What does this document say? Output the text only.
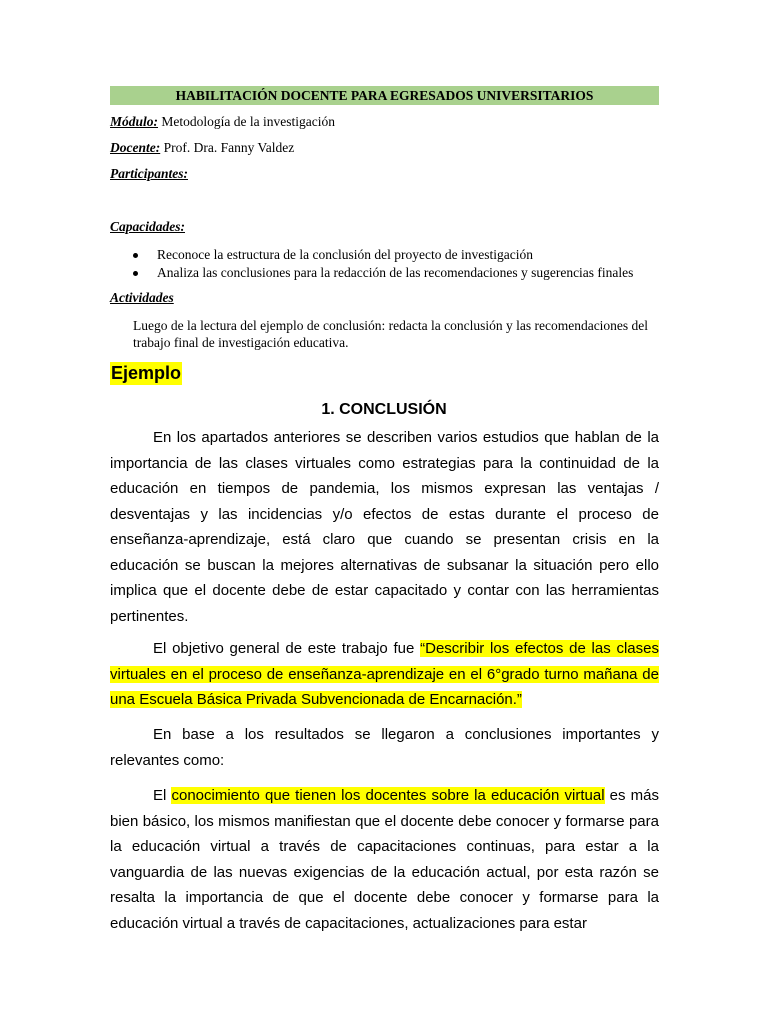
HABILITACIÓN DOCENTE PARA EGRESADOS UNIVERSITARIOS
Módulo: Metodología de la investigación
Docente: Prof. Dra. Fanny Valdez
Participantes:
Capacidades:
Reconoce la estructura de la conclusión del proyecto de investigación
Analiza las conclusiones para la redacción de las recomendaciones y sugerencias finales
Actividades
Luego de la lectura del ejemplo de conclusión: redacta la conclusión y las recomendaciones del trabajo final de investigación educativa.
Ejemplo
1. CONCLUSIÓN
En los apartados anteriores se describen varios estudios que hablan de la importancia de las clases virtuales como estrategias para la continuidad de la educación en tiempos de pandemia, los mismos expresan las ventajas / desventajas y las incidencias y/o efectos de estas durante el proceso de enseñanza-aprendizaje, está claro que cuando se presentan crisis en la educación se buscan la mejores alternativas de subsanar la situación pero ello implica que el docente debe de estar capacitado y contar con las herramientas pertinentes.
El objetivo general de este trabajo fue “Describir los efectos de las clases virtuales en el proceso de enseñanza-aprendizaje en el 6°grado turno mañana de una Escuela Básica Privada Subvencionada de Encarnación.”
En base a los resultados se llegaron a conclusiones importantes y relevantes como:
El conocimiento que tienen los docentes sobre la educación virtual es más bien básico, los mismos manifiestan que el docente debe conocer y formarse para la educación virtual a través de capacitaciones continuas, para estar a la vanguardia de las nuevas exigencias de la educación actual, por esta razón se resalta la importancia de que el docente debe conocer y formarse para la educación virtual a través de capacitaciones, actualizaciones para estar
